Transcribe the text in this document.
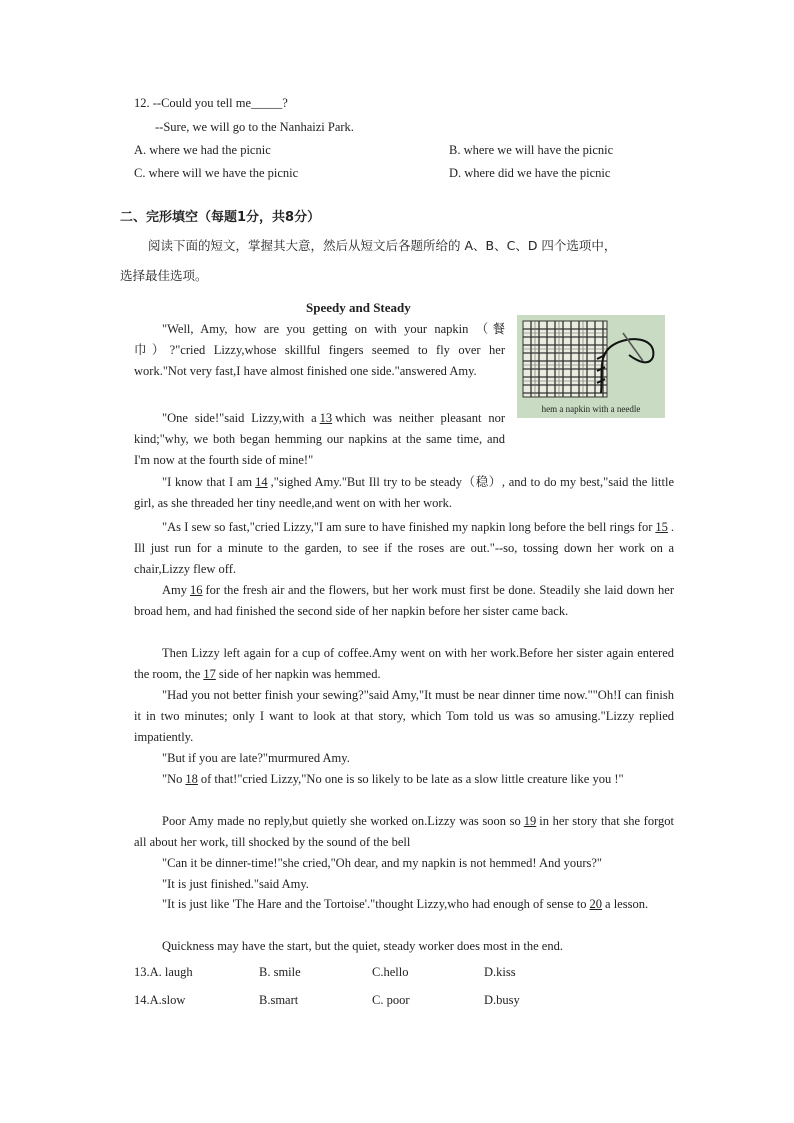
12. --Could you tell me_____?
--Sure, we will go to the Nanhaizi Park.
A. where we had the picnic	B. where we will have the picnic
C. where will we have the picnic	D. where did we have the picnic
二、完形填空（每题1分，共8分）
阅读下面的短文，掌握其大意，然后从短文后各题所给的 A、B、C、D 四个选项中，
选择最佳选项。
Speedy and Steady
hem a napkin with a needle
"Well, Amy, how are you getting on with your napkin （餐巾）?"cried Lizzy,whose skillful fingers seemed to fly over her work."Not very fast,I have almost finished one side."answered Amy.
"One side!"said Lizzy,with a 13 which was neither pleasant nor kind;"why, we both began hemming our napkins at the same time, and I'm now at the fourth side of mine!"
"I know that I am 14 ,"sighed Amy."But Ill try to be steady（稳）, and to do my best,"said the little girl, as she threaded her tiny needle,and went on with her work.
"As I sew so fast,"cried Lizzy,"I am sure to have finished my napkin long before the bell rings for 15 . Ill just run for a minute to the garden, to see if the roses are out."--so, tossing down her work on a chair,Lizzy flew off.
Amy 16 for the fresh air and the flowers, but her work must first be done. Steadily she laid down her broad hem, and had finished the second side of her napkin before her sister came back.
Then Lizzy left again for a cup of coffee.Amy went on with her work.Before her sister again entered the room, the 17 side of her napkin was hemmed.
"Had you not better finish your sewing?"said Amy,"It must be near dinner time now.""Oh!I can finish it in two minutes; only I want to look at that story, which Tom told us was so amusing."Lizzy replied impatiently.
"But if you are late?"murmured Amy.
"No 18 of that!"cried Lizzy,"No one is so likely to be late as a slow little creature like you !"
Poor Amy made no reply,but quietly she worked on.Lizzy was soon so 19 in her story that she forgot all about her work, till shocked by the sound of the bell
"Can it be dinner-time!"she cried,"Oh dear, and my napkin is not hemmed! And yours?"
"It is just finished."said Amy.
"It is just like 'The Hare and the Tortoise'."thought Lizzy,who had enough of sense to 20 a lesson.
Quickness may have the start, but the quiet, steady worker does most in the end.
13.A. laugh	B. smile	C.hello	D.kiss
14.A.slow	B.smart	C. poor	D.busy
